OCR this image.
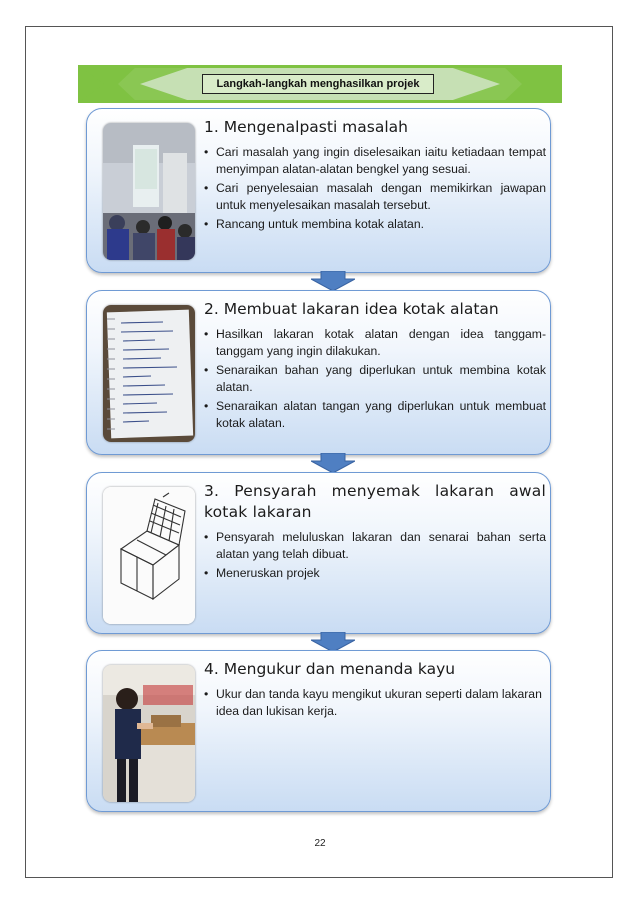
Langkah-langkah menghasilkan projek
1. Mengenalpasti masalah
• Cari masalah yang ingin diselesaikan iaitu ketiadaan tempat menyimpan alatan-alatan bengkel yang sesuai.
• Cari penyelesaian masalah dengan memikirkan jawapan untuk menyelesaikan masalah tersebut.
• Rancang untuk membina kotak alatan.
2. Membuat lakaran idea kotak alatan
• Hasilkan lakaran kotak alatan dengan idea tanggam-tanggam yang ingin dilakukan.
• Senaraikan bahan yang diperlukan untuk membina kotak alatan.
• Senaraikan alatan tangan yang diperlukan untuk membuat kotak alatan.
3. Pensyarah menyemak lakaran awal kotak lakaran
• Pensyarah meluluskan lakaran dan senarai bahan serta alatan yang telah dibuat.
• Meneruskan projek
4. Mengukur dan menanda kayu
• Ukur dan tanda kayu mengikut ukuran seperti dalam lakaran idea dan lukisan kerja.
22
